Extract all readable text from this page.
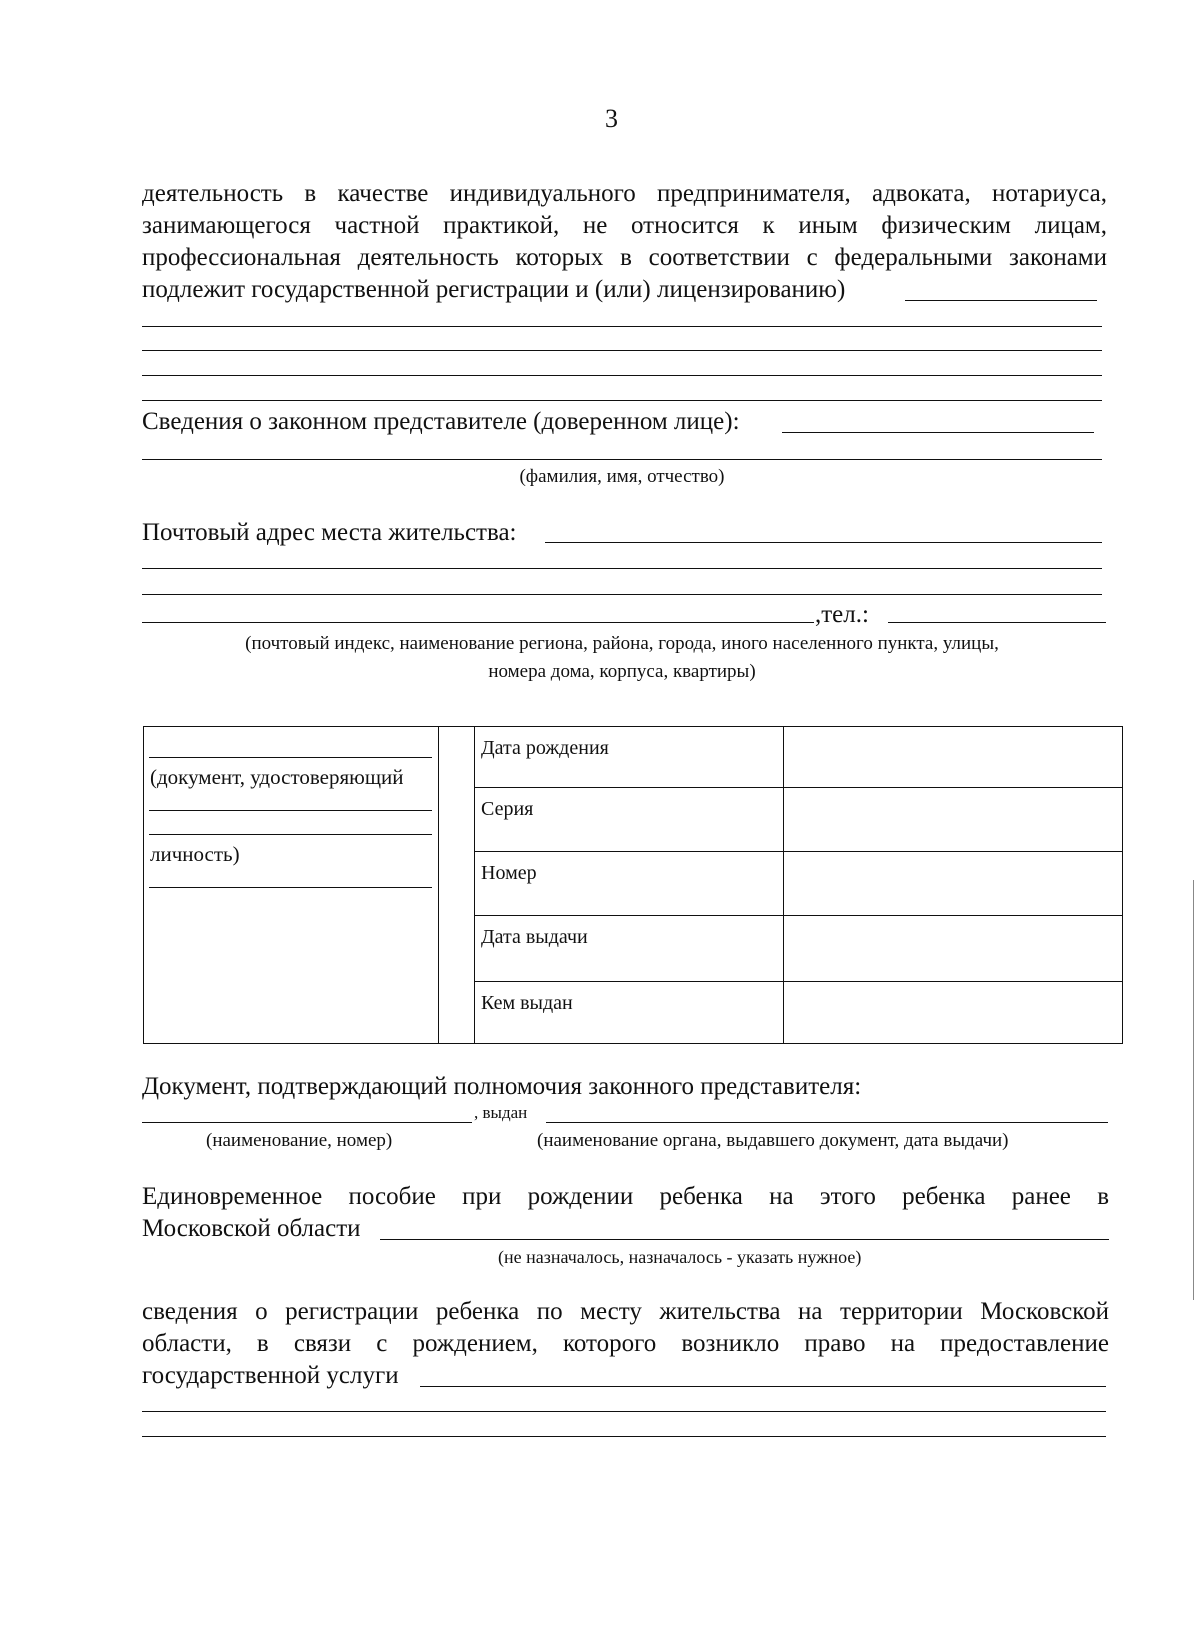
3
деятельность в качестве индивидуального предпринимателя, адвоката, нотариуса,
занимающегося частной практикой, не относится к иным физическим лицам,
профессиональная деятельность которых в соответствии с федеральными законами
подлежит государственной регистрации и (или) лицензированию)
Сведения о законном представителе (доверенном лице):
(фамилия, имя, отчество)
Почтовый адрес места жительства:
,тел.:
(почтовый индекс, наименование региона, района, города, иного населенного пункта, улицы,
номера дома, корпуса, квартиры)
(документ, удостоверяющий
личность)		Дата рождения	
		Серия	
		Номер	
		Дата выдачи	
		Кем выдан	
Документ, подтверждающий полномочия законного представителя:
, выдан
(наименование, номер)	(наименование органа, выдавшего документ, дата выдачи)
Единовременное пособие при рождении ребенка на этого ребенка ранее в
Московской области
(не назначалось, назначалось - указать нужное)
сведения о регистрации ребенка по месту жительства на территории Московской
области, в связи с рождением, которого возникло право на предоставление
государственной услуги
